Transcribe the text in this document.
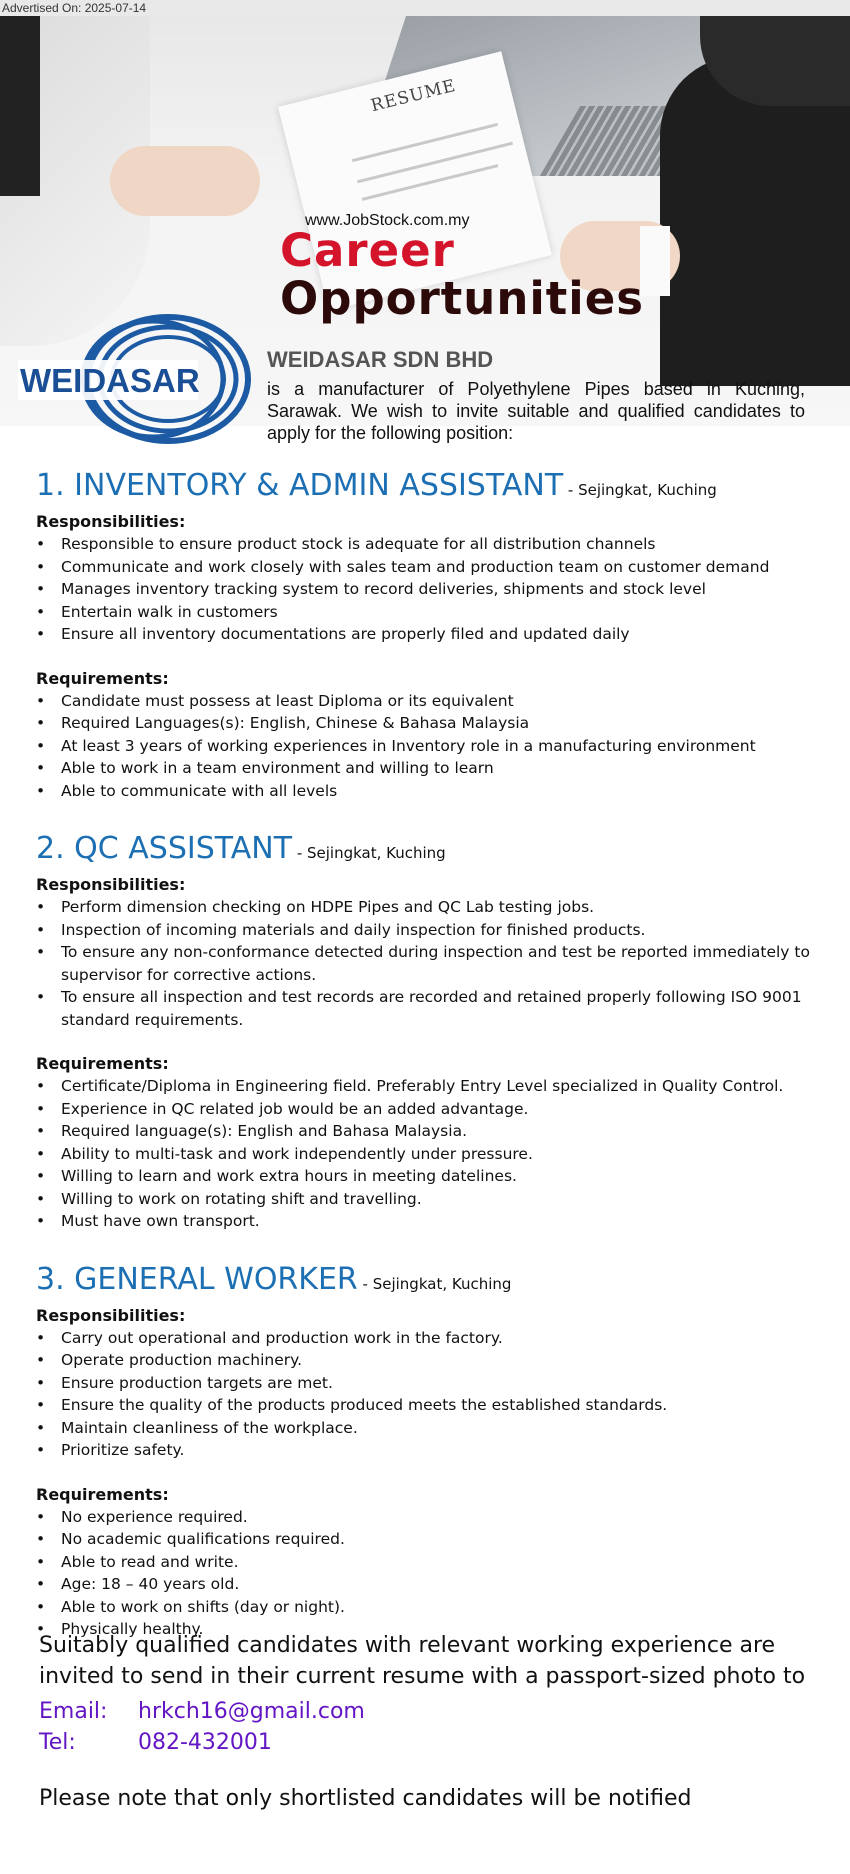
Advertised On: 2025-07-14
RESUME
www.JobStock.com.my
Career
Opportunities
WEIDASAR
WEIDASAR SDN BHD
is a manufacturer of Polyethylene Pipes based in Kuching, Sarawak. We wish to invite suitable and qualified candidates to apply for the following position:

1. INVENTORY & ADMIN ASSISTANT - Sejingkat, Kuching

Responsibilities:

• Responsible to ensure product stock is adequate for all distribution channels
• Communicate and work closely with sales team and production team on customer demand
• Manages inventory tracking system to record deliveries, shipments and stock level
• Entertain walk in customers
• Ensure all inventory documentations are properly filed and updated daily

Requirements:

• Candidate must possess at least Diploma or its equivalent
• Required Languages(s): English, Chinese & Bahasa Malaysia
• At least 3 years of working experiences in Inventory role in a manufacturing environment
• Able to work in a team environment and willing to learn
• Able to communicate with all levels

2. QC ASSISTANT - Sejingkat, Kuching

Responsibilities:

• Perform dimension checking on HDPE Pipes and QC Lab testing jobs.
• Inspection of incoming materials and daily inspection for finished products.
• To ensure any non-conformance detected during inspection and test be reported immediately to supervisor for corrective actions.
• To ensure all inspection and test records are recorded and retained properly following ISO 9001 standard requirements.

Requirements:

• Certificate/Diploma in Engineering field. Preferably Entry Level specialized in Quality Control.
• Experience in QC related job would be an added advantage.
• Required language(s): English and Bahasa Malaysia.
• Ability to multi-task and work independently under pressure.
• Willing to learn and work extra hours in meeting datelines.
• Willing to work on rotating shift and travelling.
• Must have own transport.

3. GENERAL WORKER - Sejingkat, Kuching

Responsibilities:

• Carry out operational and production work in the factory.
• Operate production machinery.
• Ensure production targets are met.
• Ensure the quality of the products produced meets the established standards.
• Maintain cleanliness of the workplace.
• Prioritize safety.

Requirements:

• No experience required.
• No academic qualifications required.
• Able to read and write.
• Age: 18 – 40 years old.
• Able to work on shifts (day or night).
• Physically healthy.
Suitably qualified candidates with relevant working experience are invited to send in their current resume with a passport-sized photo to
Email: hrkch16@gmail.com
Tel:	082-432001
Please note that only shortlisted candidates will be notified
